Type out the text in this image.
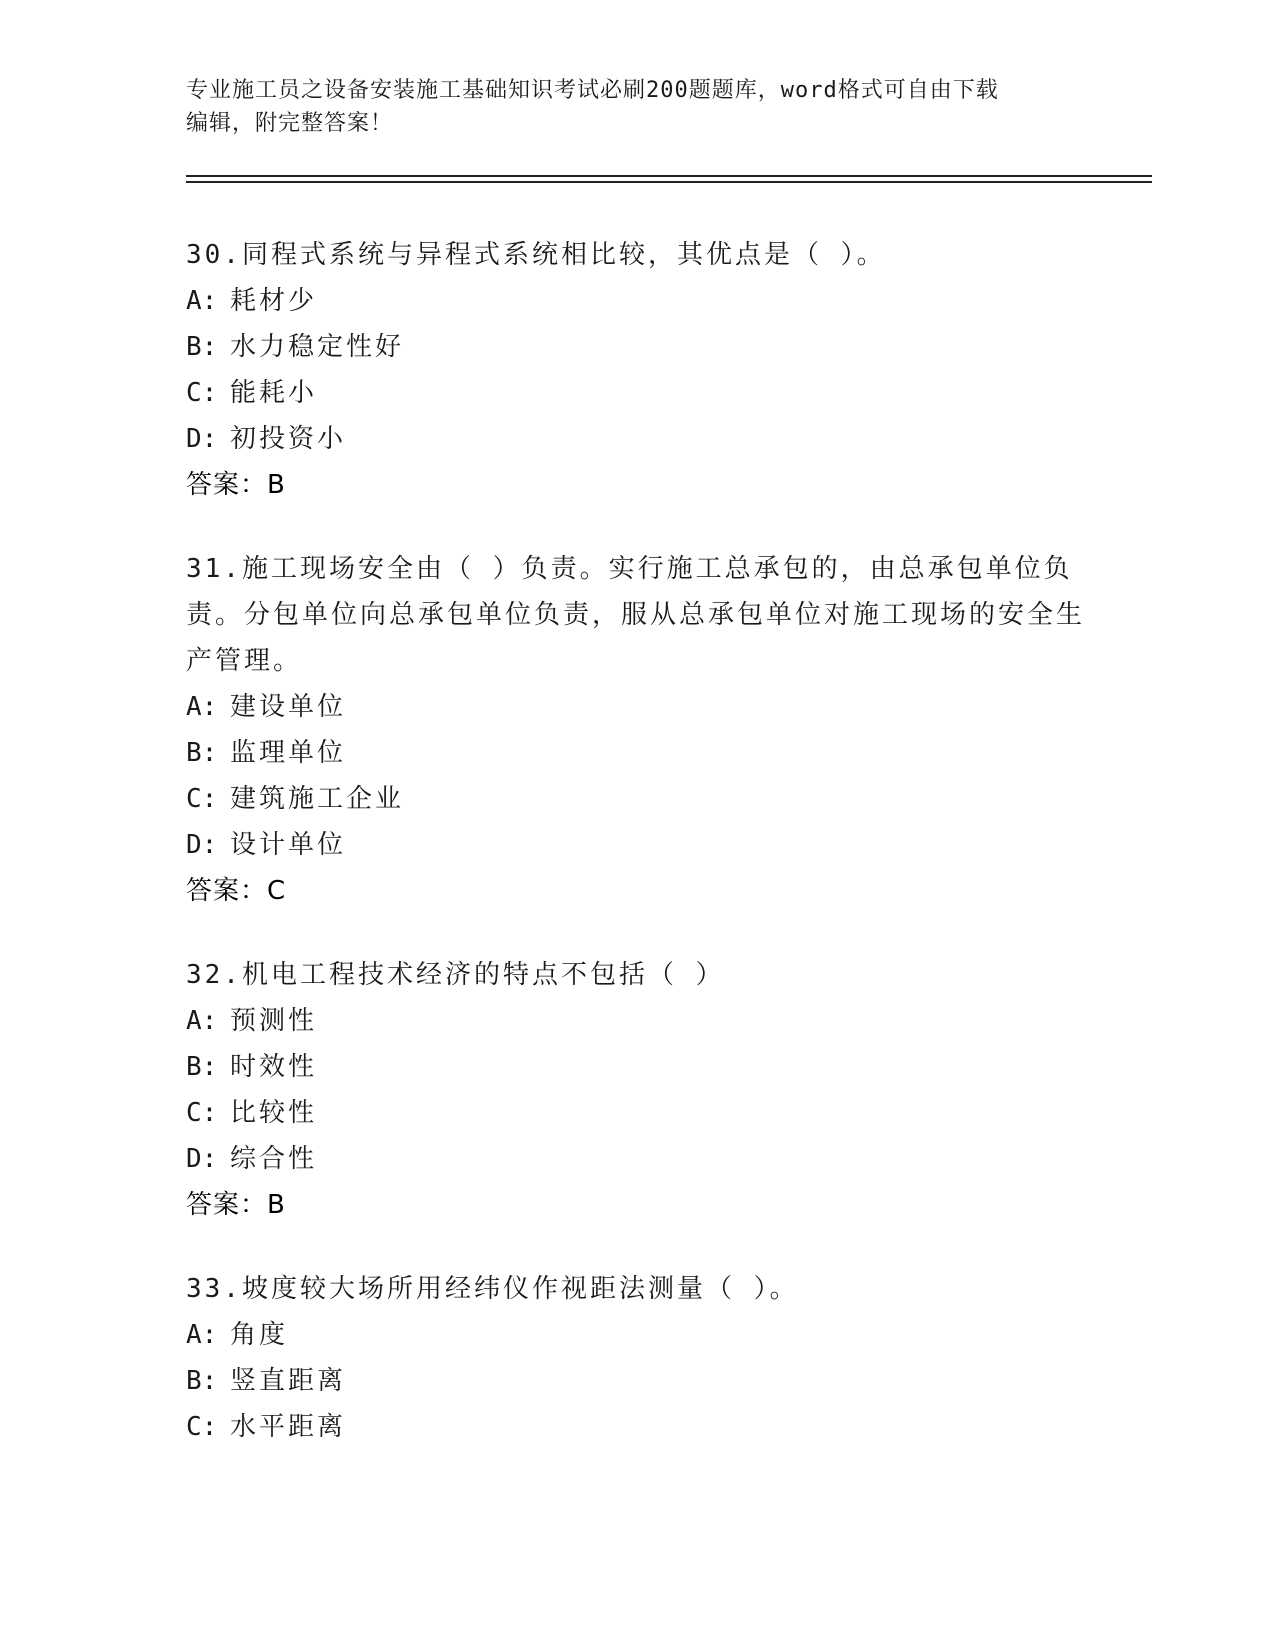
专业施工员之设备安装施工基础知识考试必刷200题题库，word格式可自由下载
编辑，附完整答案！

30.同程式系统与异程式系统相比较，其优点是（ ）。

A: 耗材少
B: 水力稳定性好
C: 能耗小
D: 初投资小
答案：B

31.施工现场安全由（ ）负责。实行施工总承包的，由总承包单位负责。分包单位向总承包单位负责，服从总承包单位对施工现场的安全生产管理。

A: 建设单位
B: 监理单位
C: 建筑施工企业
D: 设计单位
答案：C

32.机电工程技术经济的特点不包括（ ）

A: 预测性
B: 时效性
C: 比较性
D: 综合性
答案：B

33.坡度较大场所用经纬仪作视距法测量（ ）。

A: 角度
B: 竖直距离
C: 水平距离
